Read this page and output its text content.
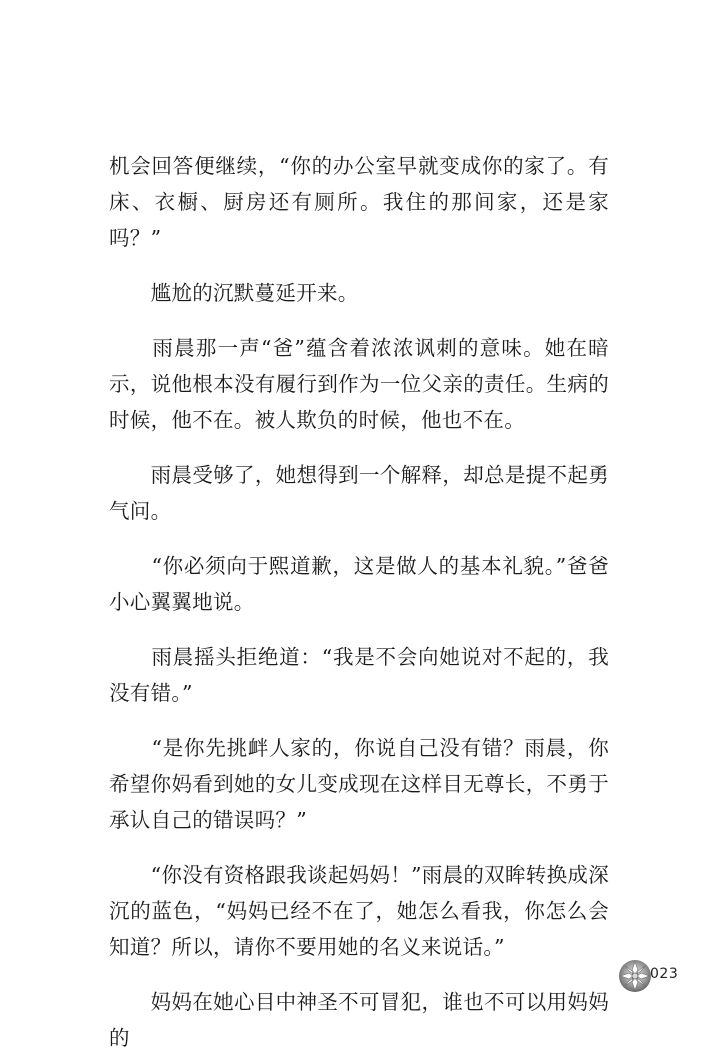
机会回答便继续，“你的办公室早就变成你的家了。有床、衣橱、厨房还有厕所。我住的那间家，还是家吗？”

　　尴尬的沉默蔓延开来。

　　雨晨那一声“爸”蕴含着浓浓讽刺的意味。她在暗示，说他根本没有履行到作为一位父亲的责任。生病的时候，他不在。被人欺负的时候，他也不在。

　　雨晨受够了，她想得到一个解释，却总是提不起勇气问。

　　“你必须向于熙道歉，这是做人的基本礼貌。”爸爸小心翼翼地说。

　　雨晨摇头拒绝道：“我是不会向她说对不起的，我没有错。”

　　“是你先挑衅人家的，你说自己没有错？雨晨，你希望你妈看到她的女儿变成现在这样目无尊长，不勇于承认自己的错误吗？”

　　“你没有资格跟我谈起妈妈！”雨晨的双眸转换成深沉的蓝色，“妈妈已经不在了，她怎么看我，你怎么会知道？所以，请你不要用她的名义来说话。”

　　妈妈在她心目中神圣不可冒犯，谁也不可以用妈妈的

023
